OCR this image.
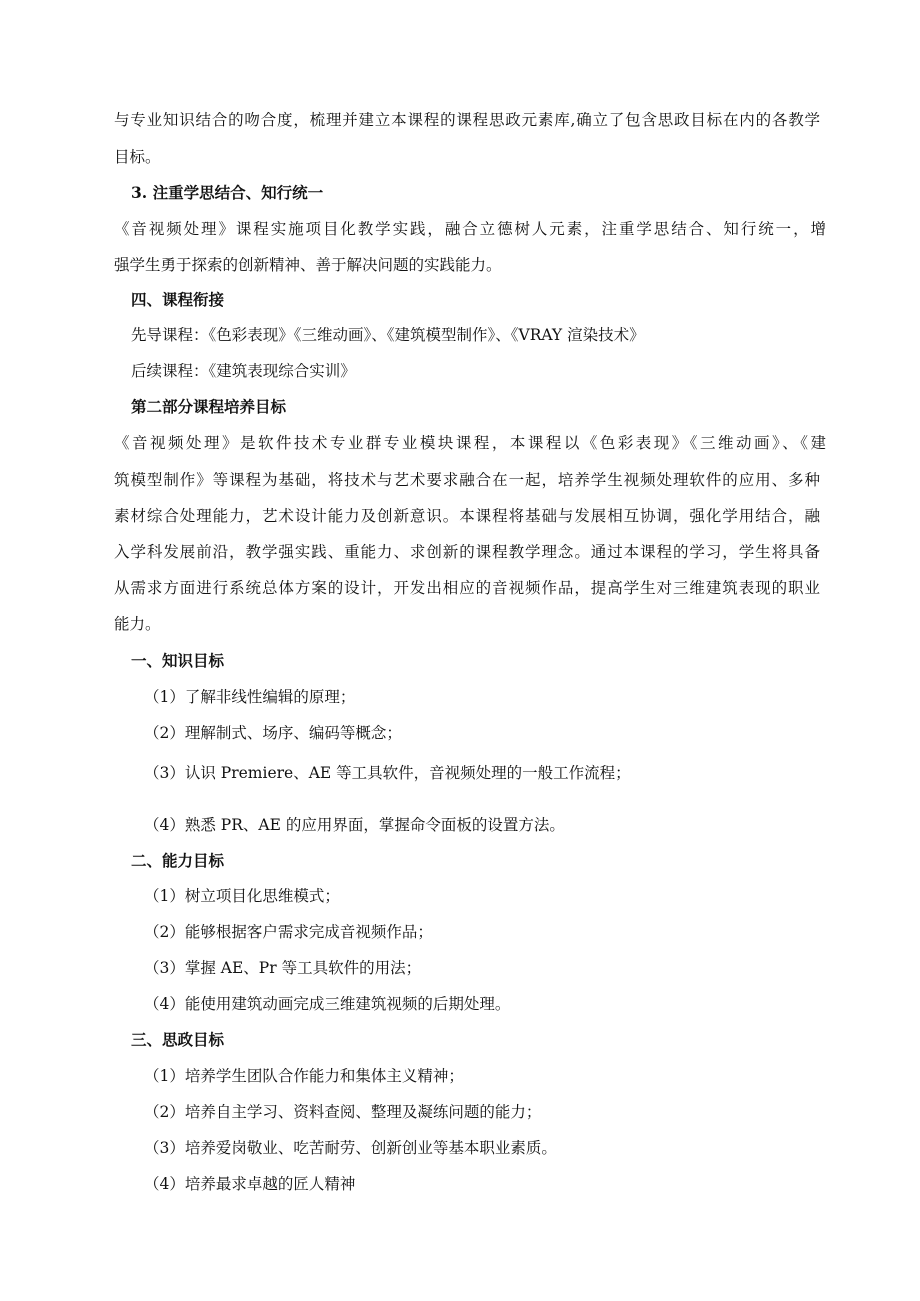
与专业知识结合的吻合度，梳理并建立本课程的课程思政元素库,确立了包含思政目标在内的各教学
目标。
3. 注重学思结合、知行统一
《音视频处理》课程实施项目化教学实践，融合立德树人元素，注重学思结合、知行统一，增
强学生勇于探索的创新精神、善于解决问题的实践能力。
四、课程衔接
先导课程：《色彩表现》《三维动画》、《建筑模型制作》、《VRAY 渲染技术》
后续课程：《建筑表现综合实训》
第二部分课程培养目标
《音视频处理》是软件技术专业群专业模块课程，本课程以《色彩表现》《三维动画》、《建
筑模型制作》等课程为基础，将技术与艺术要求融合在一起，培养学生视频处理软件的应用、多种
素材综合处理能力，艺术设计能力及创新意识。本课程将基础与发展相互协调，强化学用结合，融
入学科发展前沿，教学强实践、重能力、求创新的课程教学理念。通过本课程的学习，学生将具备
从需求方面进行系统总体方案的设计，开发出相应的音视频作品，提高学生对三维建筑表现的职业
能力。
一、知识目标
（1）了解非线性编辑的原理；
（2）理解制式、场序、编码等概念；
（3）认识 Premiere、AE 等工具软件，音视频处理的一般工作流程；
（4）熟悉 PR、AE 的应用界面，掌握命令面板的设置方法。
二、能力目标
（1）树立项目化思维模式；
（2）能够根据客户需求完成音视频作品；
（3）掌握 AE、Pr 等工具软件的用法；
（4）能使用建筑动画完成三维建筑视频的后期处理。
三、思政目标
（1）培养学生团队合作能力和集体主义精神；
（2）培养自主学习、资料查阅、整理及凝练问题的能力；
（3）培养爱岗敬业、吃苦耐劳、创新创业等基本职业素质。
（4）培养最求卓越的匠人精神
